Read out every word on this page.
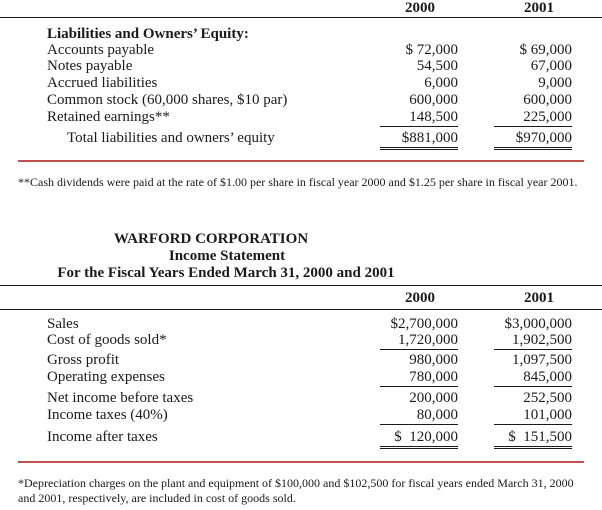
2000	2001
Liabilities and Owners’ Equity:
Accounts payable	$ 72,000	$ 69,000
Notes payable	54,500	67,000
Accrued liabilities	6,000	9,000
Common stock (60,000 shares, $10 par)	600,000	600,000
Retained earnings**	148,500	225,000
Total liabilities and owners’ equity	$881,000	$970,000
**Cash dividends were paid at the rate of $1.00 per share in fiscal year 2000 and $1.25 per share in fiscal year 2001.
WARFORD CORPORATION
Income Statement
For the Fiscal Years Ended March 31, 2000 and 2001
2000	2001
Sales	$2,700,000	$3,000,000
Cost of goods sold*	1,720,000	1,902,500
Gross profit	980,000	1,097,500
Operating expenses	780,000	845,000
Net income before taxes	200,000	252,500
Income taxes (40%)	80,000	101,000
Income after taxes	$  120,000	$  151,500
*Depreciation charges on the plant and equipment of $100,000 and $102,500 for fiscal years ended March 31, 2000 and 2001, respectively, are included in cost of goods sold.
